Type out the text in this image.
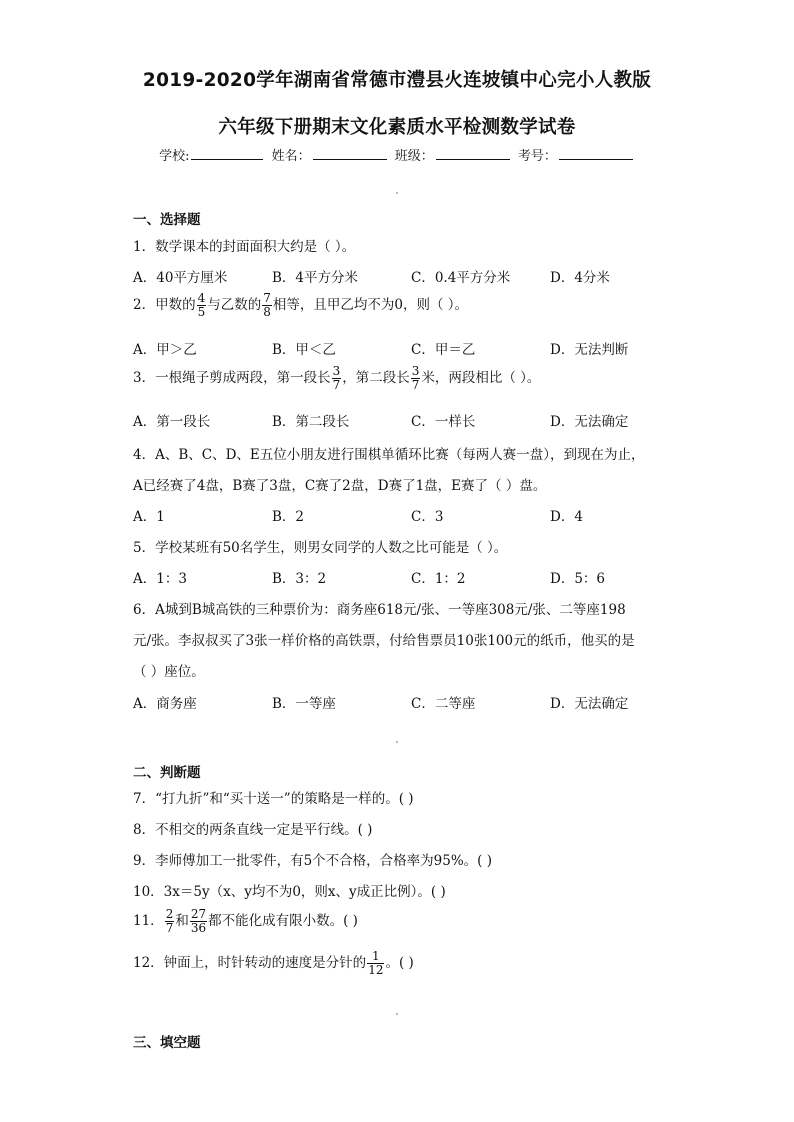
2019-2020学年湖南省常德市澧县火连坡镇中心完小人教版
六年级下册期末文化素质水平检测数学试卷
学校:	姓名：	班级：	考号：
一、选择题
1．数学课本的封面面积大约是（ ）。
A．40平方厘米	B．4平方分米	C．0.4平方分米	D．4分米
2．甲数的 $\frac{4}{5}$ 与乙数的 $\frac{7}{8}$ 相等，且甲乙均不为0，则（ ）。
A．甲＞乙	B．甲＜乙	C．甲＝乙	D．无法判断
3．一根绳子剪成两段，第一段长 $\frac{3}{7}$ ，第二段长 $\frac{3}{7}$ 米，两段相比（ ）。
A．第一段长	B．第二段长	C．一样长	D．无法确定
4．A、B、C、D、E五位小朋友进行围棋单循环比赛（每两人赛一盘），到现在为止，
A已经赛了4盘，B赛了3盘，C赛了2盘，D赛了1盘，E赛了（ ）盘。
A．1	B．2	C．3	D．4
5．学校某班有50名学生，则男女同学的人数之比可能是（ ）。
A．1：3	B．3：2	C．1：2	D．5：6
6．A城到B城高铁的三种票价为：商务座618元/张、一等座308元/张、二等座198
元/张。李叔叔买了3张一样价格的高铁票，付给售票员10张100元的纸币，他买的是
（ ）座位。
A．商务座	B．一等座	C．二等座	D．无法确定
二、判断题
7．“打九折”和“买十送一”的策略是一样的。( )
8．不相交的两条直线一定是平行线。( )
9．李师傅加工一批零件，有5个不合格，合格率为95%。( )
10．3x＝5y（x、y均不为0，则x、y成正比例）。( )
11． $\frac{2}{7}$ 和 $\frac{27}{36}$ 都不能化成有限小数。( )
12．钟面上，时针转动的速度是分针的 $\frac{1}{12}$ 。( )
三、填空题
